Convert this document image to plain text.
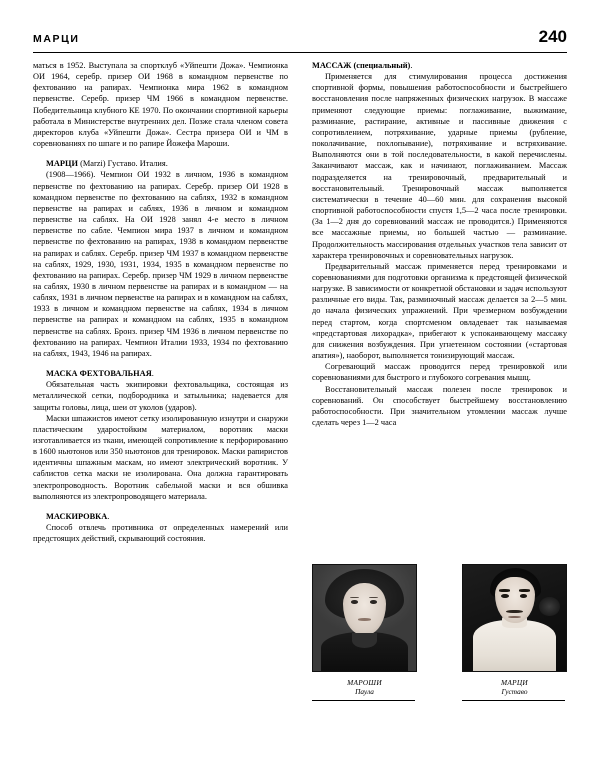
МАРЦИ	240

маться в 1952. Выступала за спортклуб «Уйпешти Дожа». Чемпионка ОИ 1964, серебр. призер ОИ 1968 в командном первенстве по фехтованию на рапирах. Чемпионка мира 1962 в командном первенстве. Серебр. призер ЧМ 1966 в командном первенстве. Победительница клубного КЕ 1970. По окончании спортивной карьеры работала в Министерстве внутренних дел. Позже стала членом совета директоров клуба «Уйпешти Дожа». Сестра призера ОИ и ЧМ в соревнованиях по шпаге и по рапире Йожефа Мароши.

МАРЦИ (Marzi) Густаво. Италия.

(1908—1966). Чемпион ОИ 1932 в личном, 1936 в командном первенстве по фехтованию на рапирах. Серебр. призер ОИ 1928 в командном первенстве по фехтованию на саблях, 1932 в командном первенстве на рапирах и саблях, 1936 в личном и командном первенстве на саблях. На ОИ 1928 занял 4-е место в личном первенстве по сабле. Чемпион мира 1937 в личном и командном первенстве по фехтованию на рапирах, 1938 в командном первенстве на рапирах и саблях. Серебр. призер ЧМ 1937 в командном первенстве на саблях, 1929, 1930, 1931, 1934, 1935 в командном первенстве по фехтованию на рапирах. Серебр. призер ЧМ 1929 в личном первенстве на саблях, 1930 в личном первенстве на рапирах и в командном — на саблях, 1931 в личном первенстве на рапирах и в командном на саблях, 1933 в личном и командном первенстве на саблях, 1934 в личном первенстве на рапирах и командном на саблях, 1935 в командном первенстве на саблях. Бронз. призер ЧМ 1936 в личном первенстве по фехтованию на рапирах. Чемпион Италии 1933, 1934 по фехтованию на саблях, 1943, 1946 на рапирах.

МАСКА ФЕХТОВАЛЬНАЯ.

Обязательная часть экипировки фехтовальщика, состоящая из металлической сетки, подбородника и затыльника; надевается для защиты головы, лица, шеи от уколов (ударов).

Маски шпажистов имеют сетку изолированную изнутри и снаружи пластическим ударостойким материалом, воротник маски изготавливается из ткани, имеющей сопротивление к перфорированию в 1600 ньютонов или 350 ньютонов для тренировок. Маски рапиристов идентичны шпажным маскам, но имеют электрический воротник. У саблистов сетка маски не изолирована. Она должна гарантировать электропроводность. Воротник сабельной маски и вся обшивка выполняются из электропроводящего материала.

МАСКИРОВКА.

Способ отвлечь противника от определенных намерений или предстоящих действий, скрывающий состояния.

МАССАЖ (специальный).

Применяется для стимулирования процесса достижения спортивной формы, повышения работоспособности и быстрейшего восстановления после напряженных физических нагрузок. В массаже применяют следующие приемы: поглаживание, выжимание, разминание, растирание, активные и пассивные движения с сопротивлением, потряхивание, ударные приемы (рубление, поколачивание, похлопывание), потряхивание и встряхивание. Выполняются они в той последовательности, в какой перечислены. Заканчивают массаж, как и начинают, поглаживанием. Массаж подразделяется на тренировочный, предварительный и восстановительный. Тренировочный массаж выполняется систематически в течение 40—60 мин. для сохранения высокой спортивной работоспособности спустя 1,5—2 часа после тренировки. (За 1—2 дня до соревнований массаж не проводится.) Применяются все массажные приемы, но большей частью — разминание. Продолжительность массирования отдельных участков тела зависит от характера тренировочных и соревновательных нагрузок.

Предварительный массаж применяется перед тренировками и соревнованиями для подготовки организма к предстоящей физической нагрузке. В зависимости от конкретной обстановки и задач используют различные его виды. Так, разминочный массаж делается за 2—5 мин. до начала физических упражнений. При чрезмерном возбуждении перед стартом, когда спортсменом овладевает так называемая «предстартовая лихорадка», прибегают к успокаивающему массажу для снижения возбуждения. При угнетенном состоянии («стартовая апатия»), наоборот, выполняется тонизирующий массаж.

Согревающий массаж проводится перед тренировкой или соревнованиями для быстрого и глубокого согревания мышц.

Восстановительный массаж полезен после тренировок и соревнований. Он способствует быстрейшему восстановлению работоспособности. При значительном утомлении массаж лучше сделать через 1—2 часа

МАРОШИ
Паула
МАРЦИ
Густаво
